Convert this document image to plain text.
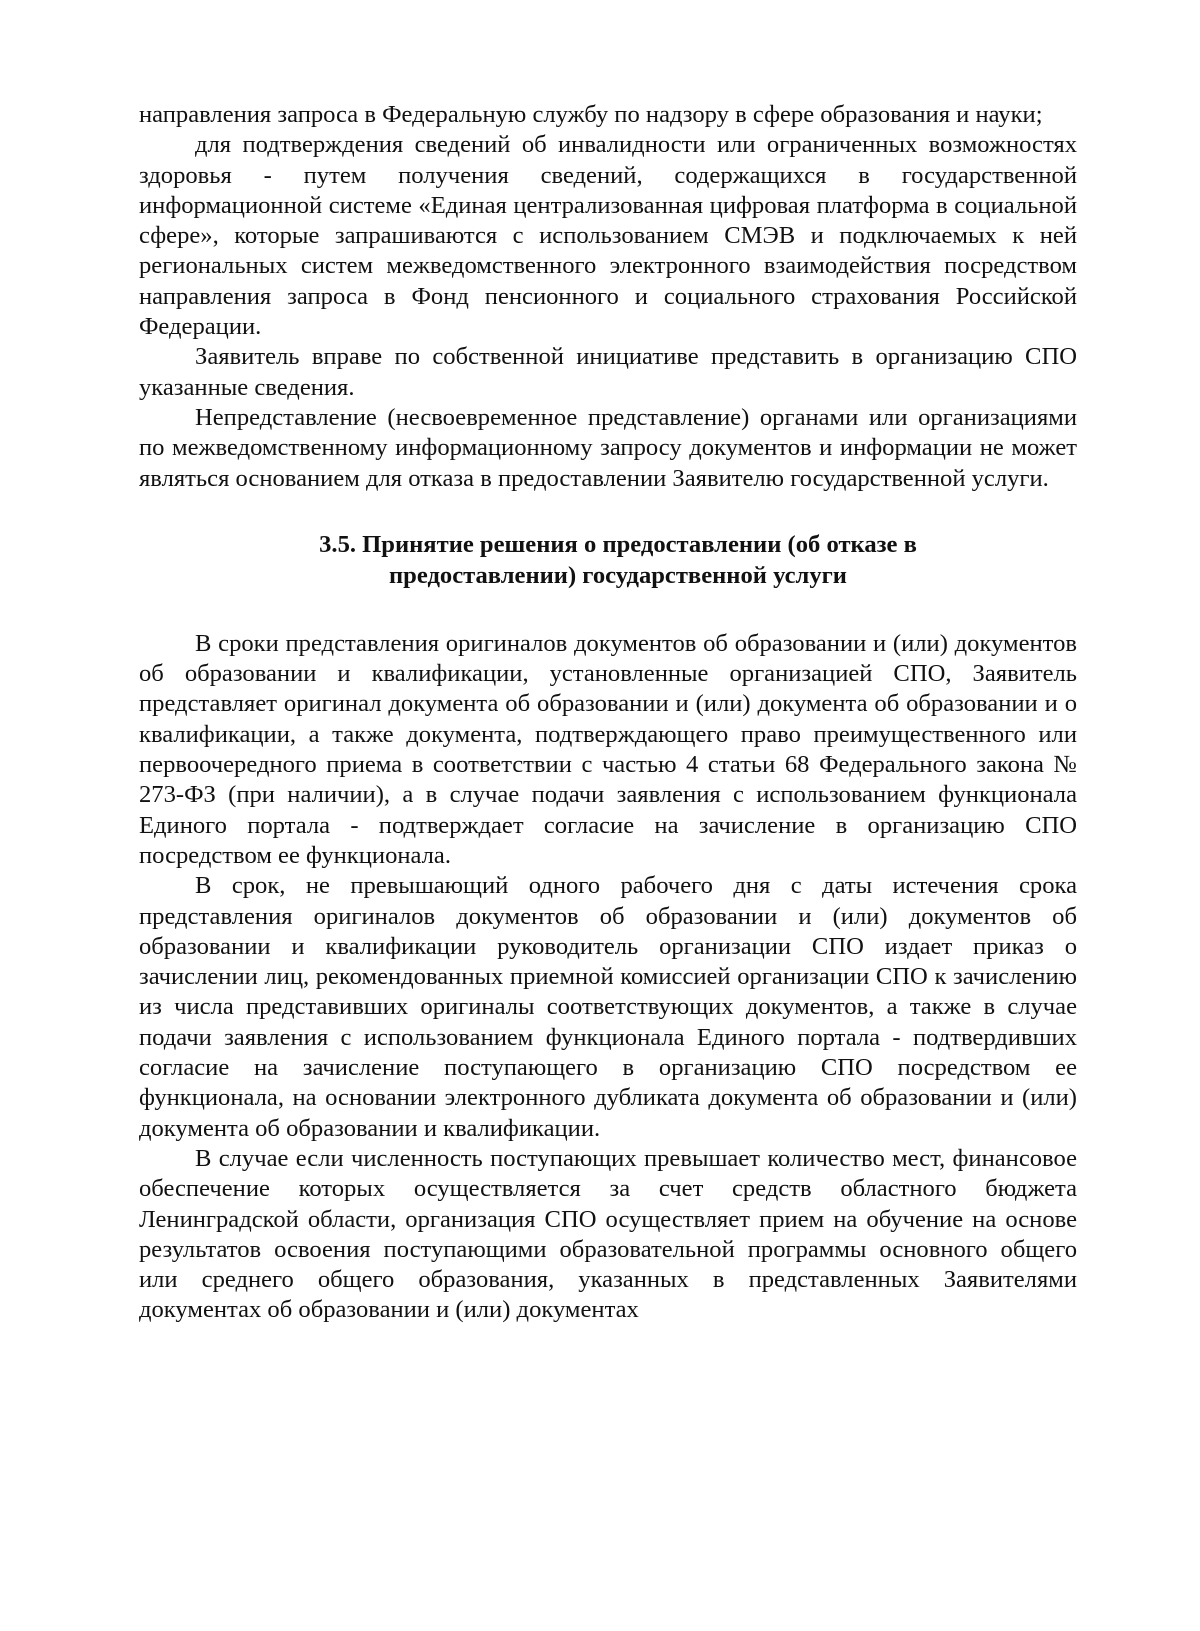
направления запроса в Федеральную службу по надзору в сфере образования и науки;

для подтверждения сведений об инвалидности или ограниченных возможностях здоровья - путем получения сведений, содержащихся в государственной информационной системе «Единая централизованная цифровая платформа в социальной сфере», которые запрашиваются с использованием СМЭВ и подключаемых к ней региональных систем межведомственного электронного взаимодействия посредством направления запроса в Фонд пенсионного и социального страхования Российской Федерации.

Заявитель вправе по собственной инициативе представить в организацию СПО указанные сведения.

Непредставление (несвоевременное представление) органами или организациями по межведомственному информационному запросу документов и информации не может являться основанием для отказа в предоставлении Заявителю государственной услуги.

3.5. Принятие решения о предоставлении (об отказе в
предоставлении) государственной услуги

В сроки представления оригиналов документов об образовании и (или) документов об образовании и квалификации, установленные организацией СПО, Заявитель представляет оригинал документа об образовании и (или) документа об образовании и о квалификации, а также документа, подтверждающего право преимущественного или первоочередного приема в соответствии с частью 4 статьи 68 Федерального закона № 273-ФЗ (при наличии), а в случае подачи заявления с использованием функционала Единого портала - подтверждает согласие на зачисление в организацию СПО посредством ее функционала.

В срок, не превышающий одного рабочего дня с даты истечения срока представления оригиналов документов об образовании и (или) документов об образовании и квалификации руководитель организации СПО издает приказ о зачислении лиц, рекомендованных приемной комиссией организации СПО к зачислению из числа представивших оригиналы соответствующих документов, а также в случае подачи заявления с использованием функционала Единого портала - подтвердивших согласие на зачисление поступающего в организацию СПО посредством ее функционала, на основании электронного дубликата документа об образовании и (или) документа об образовании и квалификации.

В случае если численность поступающих превышает количество мест, финансовое обеспечение которых осуществляется за счет средств областного бюджета Ленинградской области, организация СПО осуществляет прием на обучение на основе результатов освоения поступающими образовательной программы основного общего или среднего общего образования, указанных в представленных Заявителями документах об образовании и (или) документах
